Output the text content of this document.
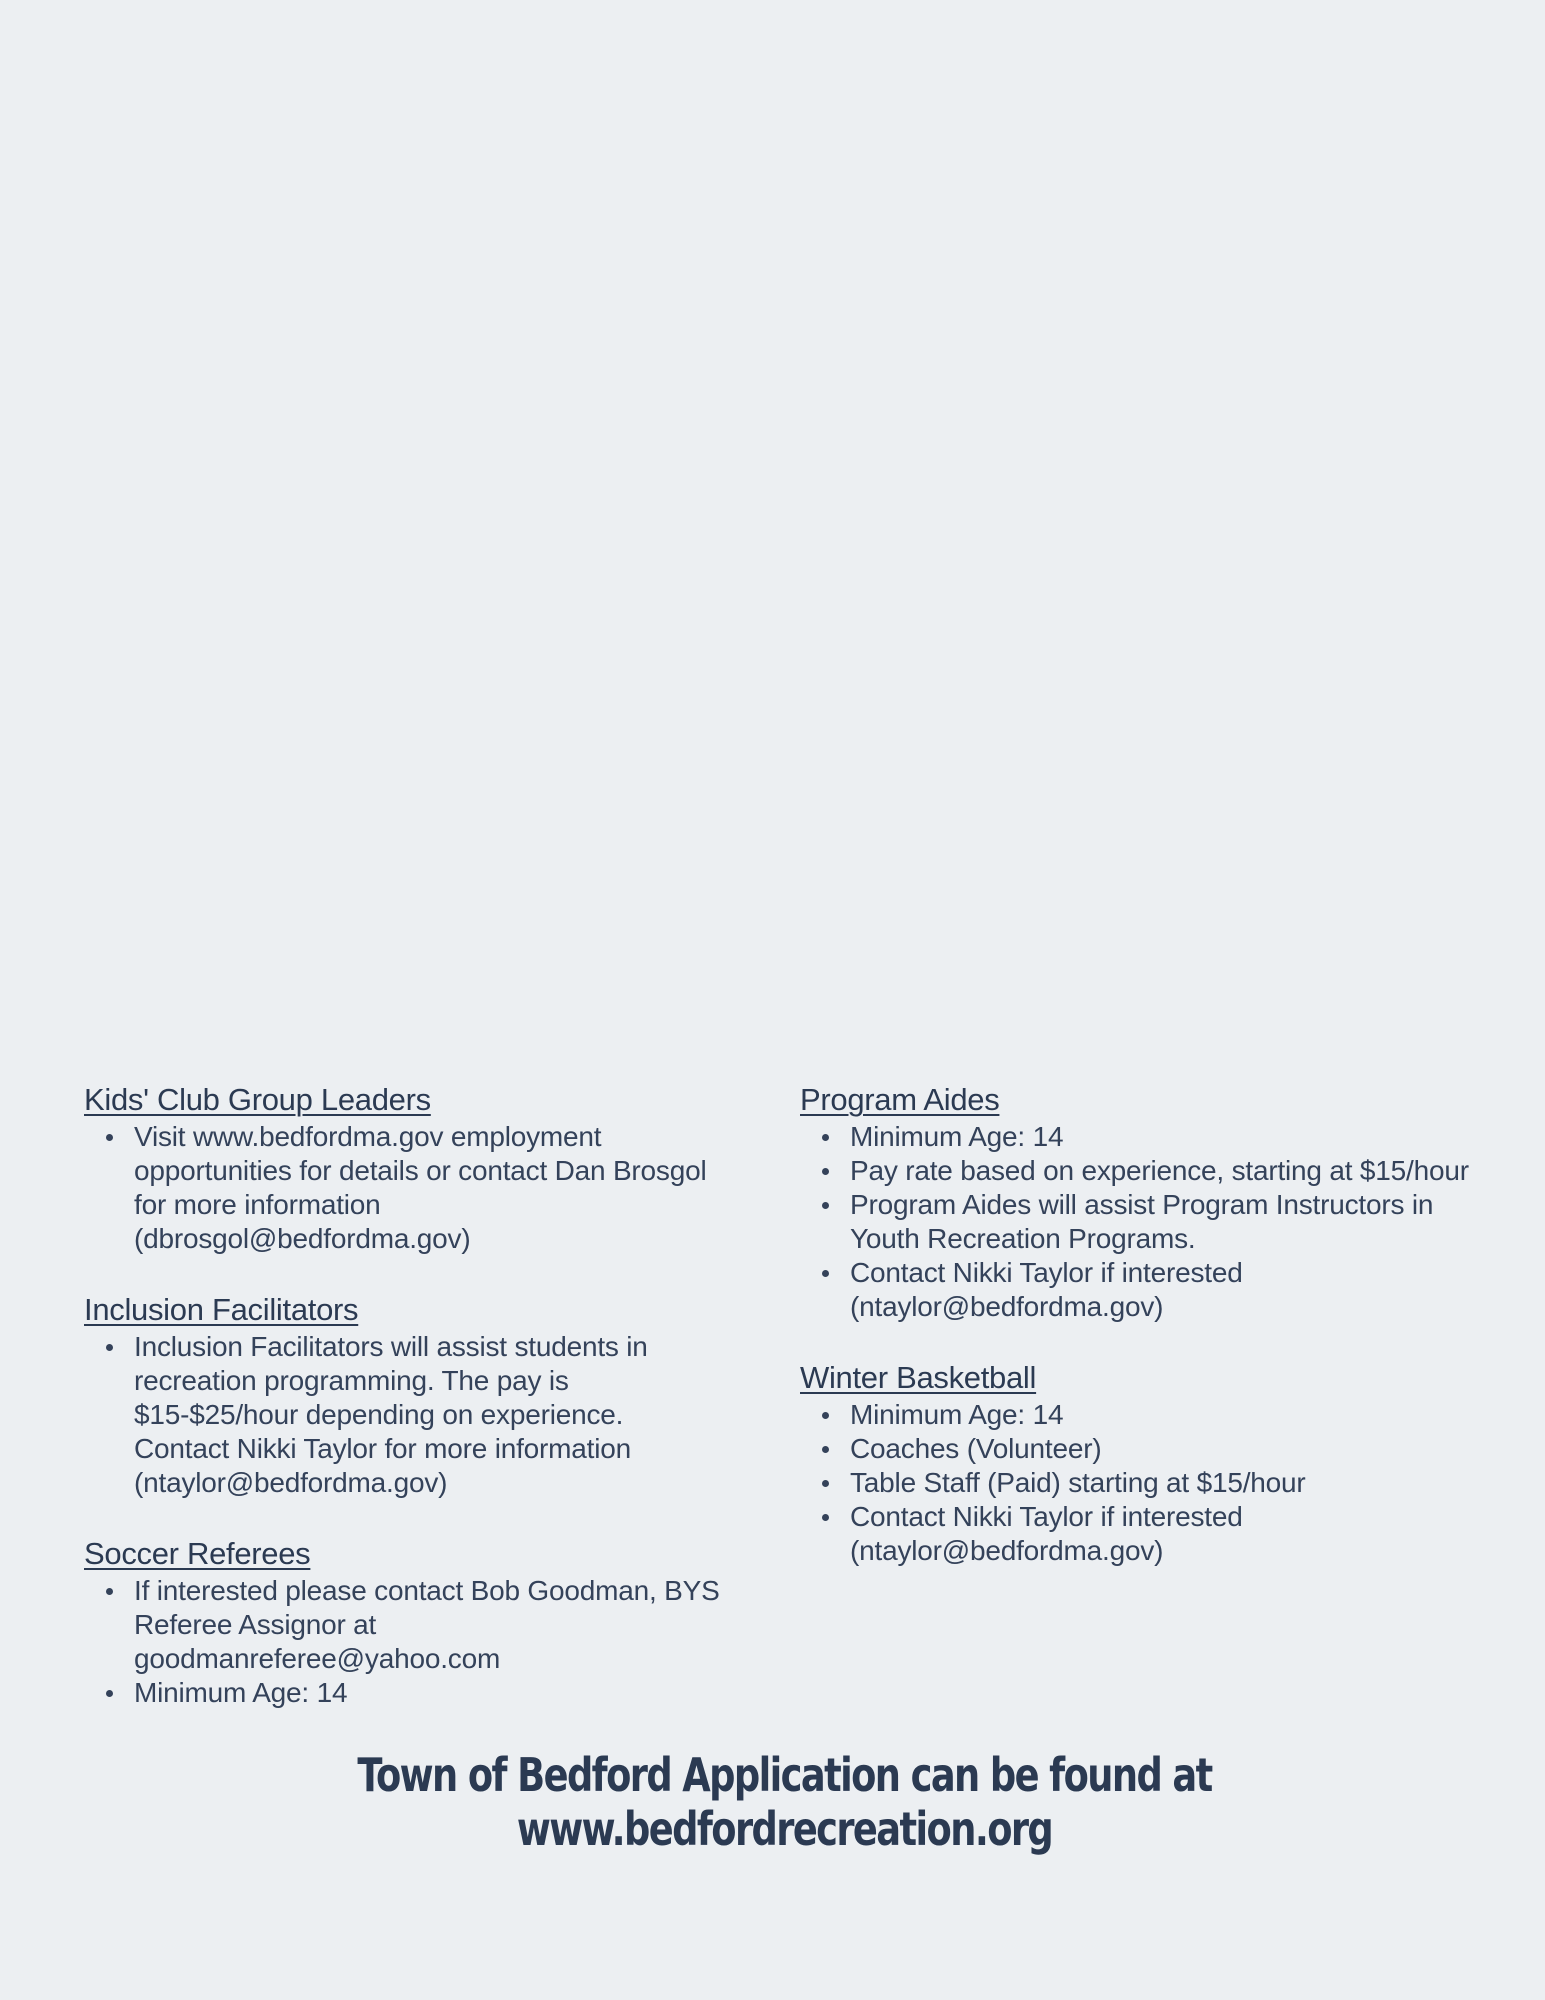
Kids' Club Group Leaders
Visit www.bedfordma.gov employment opportunities for details or contact Dan Brosgol for more information (dbrosgol@bedfordma.gov)
Inclusion Facilitators
Inclusion Facilitators will assist students in recreation programming. The pay is $15-$25/hour depending on experience. Contact Nikki Taylor for more information (ntaylor@bedfordma.gov)
Soccer Referees
If interested please contact Bob Goodman, BYS Referee Assignor at goodmanreferee@yahoo.com
Minimum Age: 14
Program Aides
Minimum Age: 14
Pay rate based on experience, starting at $15/hour
Program Aides will assist Program Instructors in Youth Recreation Programs.
Contact Nikki Taylor if interested (ntaylor@bedfordma.gov)
Winter Basketball
Minimum Age: 14
Coaches (Volunteer)
Table Staff (Paid) starting at $15/hour
Contact Nikki Taylor if interested (ntaylor@bedfordma.gov)
Town of Bedford Application can be found at www.bedfordrecreation.org
